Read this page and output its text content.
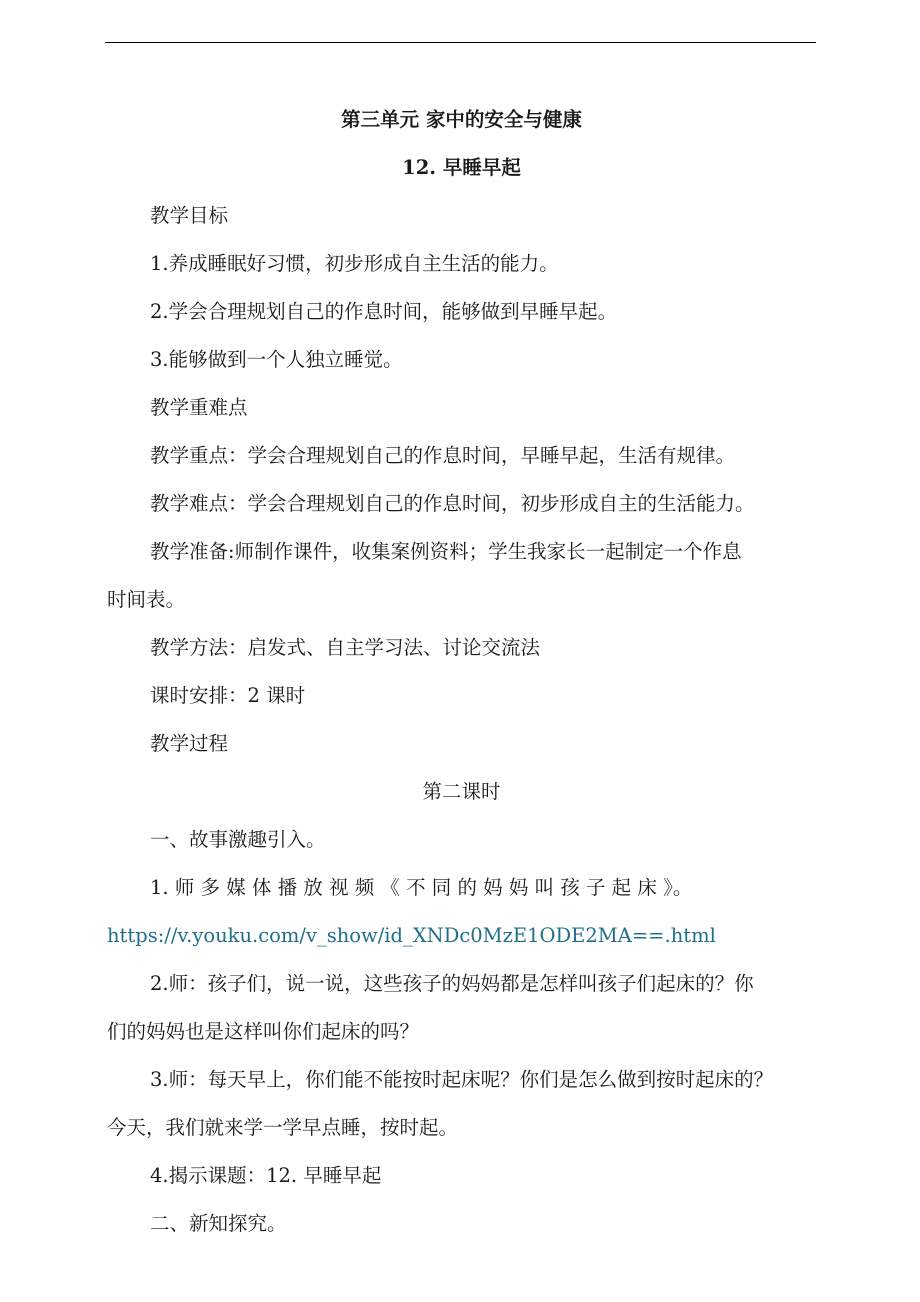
第三单元 家中的安全与健康
12. 早睡早起
教学目标
1.养成睡眠好习惯，初步形成自主生活的能力。
2.学会合理规划自己的作息时间，能够做到早睡早起。
3.能够做到一个人独立睡觉。
教学重难点
教学重点：学会合理规划自己的作息时间，早睡早起，生活有规律。
教学难点：学会合理规划自己的作息时间，初步形成自主的生活能力。
教学准备:师制作课件，收集案例资料；学生我家长一起制定一个作息
时间表。
教学方法：启发式、自主学习法、讨论交流法
课时安排：2 课时
教学过程
第二课时
一、故事激趣引入。
1. 师 多 媒 体 播 放 视 频 《 不 同 的 妈 妈 叫 孩 子 起 床 》。
https://v.youku.com/v_show/id_XNDc0MzE1ODE2MA==.html
2.师：孩子们，说一说，这些孩子的妈妈都是怎样叫孩子们起床的？你
们的妈妈也是这样叫你们起床的吗？
3.师：每天早上，你们能不能按时起床呢？你们是怎么做到按时起床的？
今天，我们就来学一学早点睡，按时起。
4.揭示课题：12. 早睡早起
二、新知探究。
